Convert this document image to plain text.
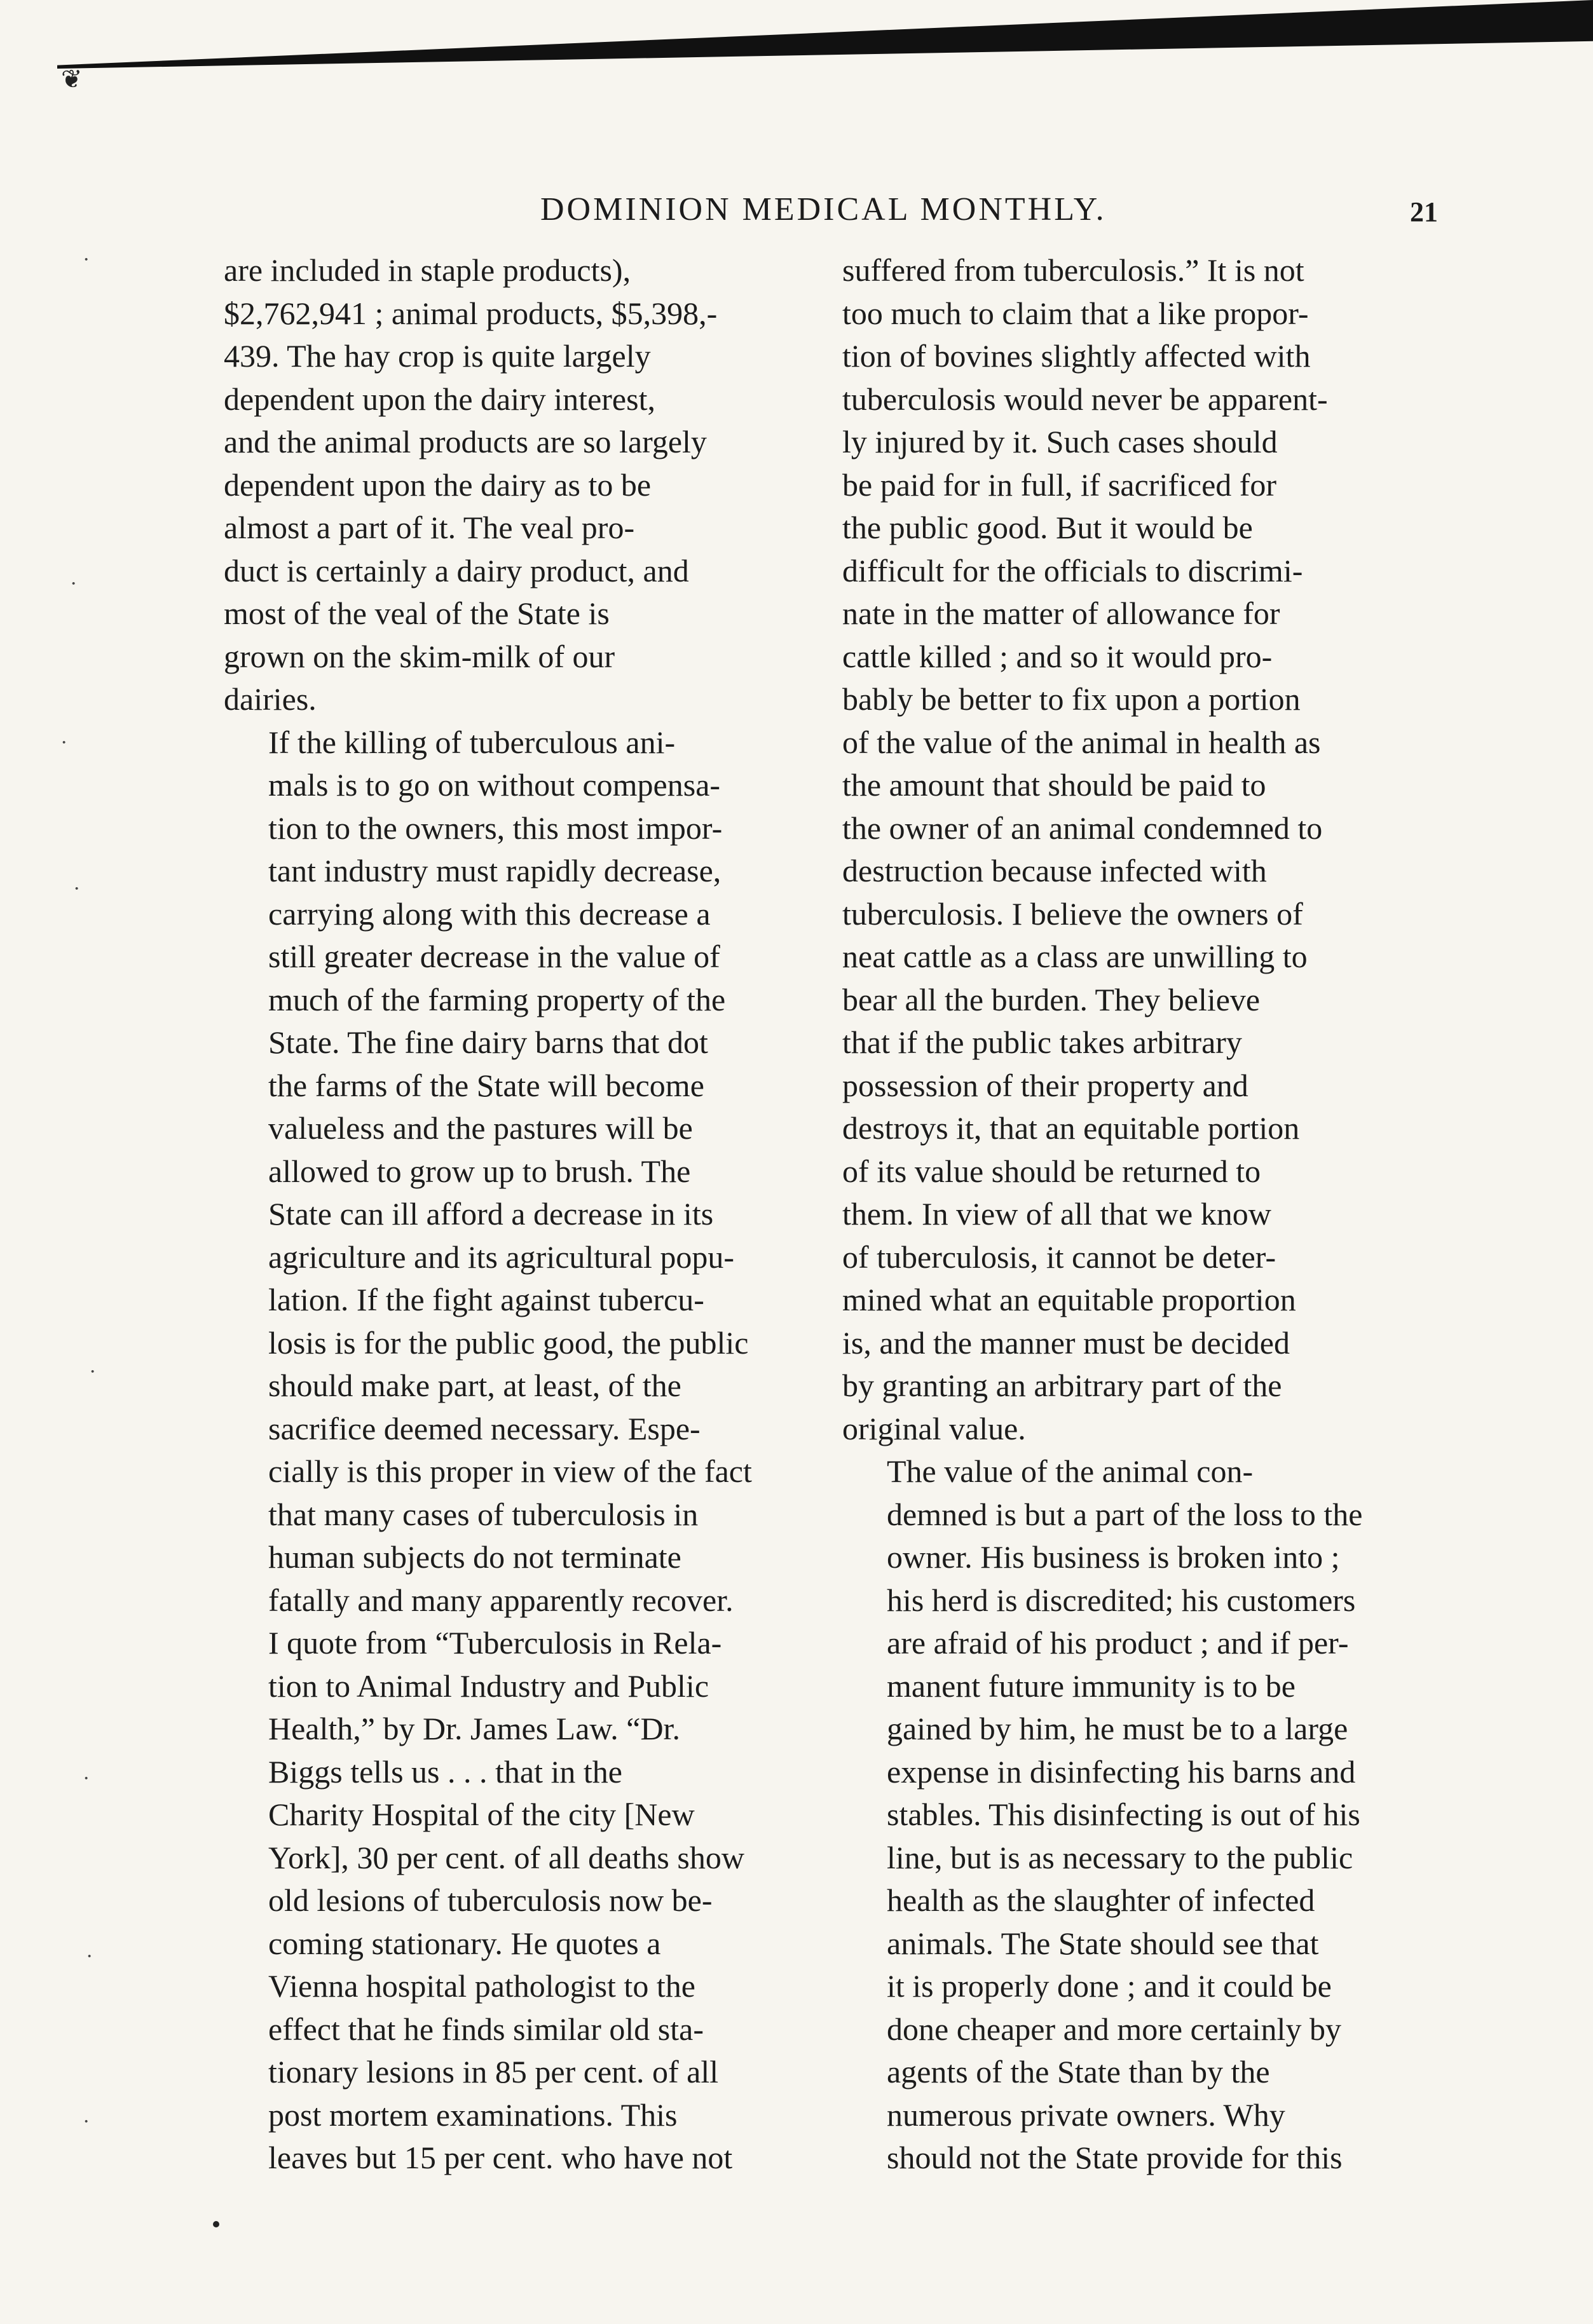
❦
·
·
·
·
·
·
·
·
DOMINION MEDICAL MONTHLY.	21

are included in staple products),
$2,762,941 ; animal products, $5,398,-
439. The hay crop is quite largely
dependent upon the dairy interest,
and the animal products are so largely
dependent upon the dairy as to be
almost a part of it. The veal pro-
duct is certainly a dairy product, and
most of the veal of the State is
grown on the skim-milk of our
dairies.

If the killing of tuberculous ani-
mals is to go on without compensa-
tion to the owners, this most impor-
tant industry must rapidly decrease,
carrying along with this decrease a
still greater decrease in the value of
much of the farming property of the
State. The fine dairy barns that dot
the farms of the State will become
valueless and the pastures will be
allowed to grow up to brush. The
State can ill afford a decrease in its
agriculture and its agricultural popu-
lation. If the fight against tubercu-
losis is for the public good, the public
should make part, at least, of the
sacrifice deemed necessary. Espe-
cially is this proper in view of the fact
that many cases of tuberculosis in
human subjects do not terminate
fatally and many apparently recover.
I quote from “Tuberculosis in Rela-
tion to Animal Industry and Public
Health,” by Dr. James Law. “Dr.
Biggs tells us . . . that in the
Charity Hospital of the city [New
York], 30 per cent. of all deaths show
old lesions of tuberculosis now be-
coming stationary. He quotes a
Vienna hospital pathologist to the
effect that he finds similar old sta-
tionary lesions in 85 per cent. of all
post mortem examinations. This
leaves but 15 per cent. who have not

suffered from tuberculosis.” It is not
too much to claim that a like propor-
tion of bovines slightly affected with
tuberculosis would never be apparent-
ly injured by it. Such cases should
be paid for in full, if sacrificed for
the public good. But it would be
difficult for the officials to discrimi-
nate in the matter of allowance for
cattle killed ; and so it would pro-
bably be better to fix upon a portion
of the value of the animal in health as
the amount that should be paid to
the owner of an animal condemned to
destruction because infected with
tuberculosis. I believe the owners of
neat cattle as a class are unwilling to
bear all the burden. They believe
that if the public takes arbitrary
possession of their property and
destroys it, that an equitable portion
of its value should be returned to
them. In view of all that we know
of tuberculosis, it cannot be deter-
mined what an equitable proportion
is, and the manner must be decided
by granting an arbitrary part of the
original value.

The value of the animal con-
demned is but a part of the loss to the
owner. His business is broken into ;
his herd is discredited; his customers
are afraid of his product ; and if per-
manent future immunity is to be
gained by him, he must be to a large
expense in disinfecting his barns and
stables. This disinfecting is out of his
line, but is as necessary to the public
health as the slaughter of infected
animals. The State should see that
it is properly done ; and it could be
done cheaper and more certainly by
agents of the State than by the
numerous private owners. Why
should not the State provide for this
